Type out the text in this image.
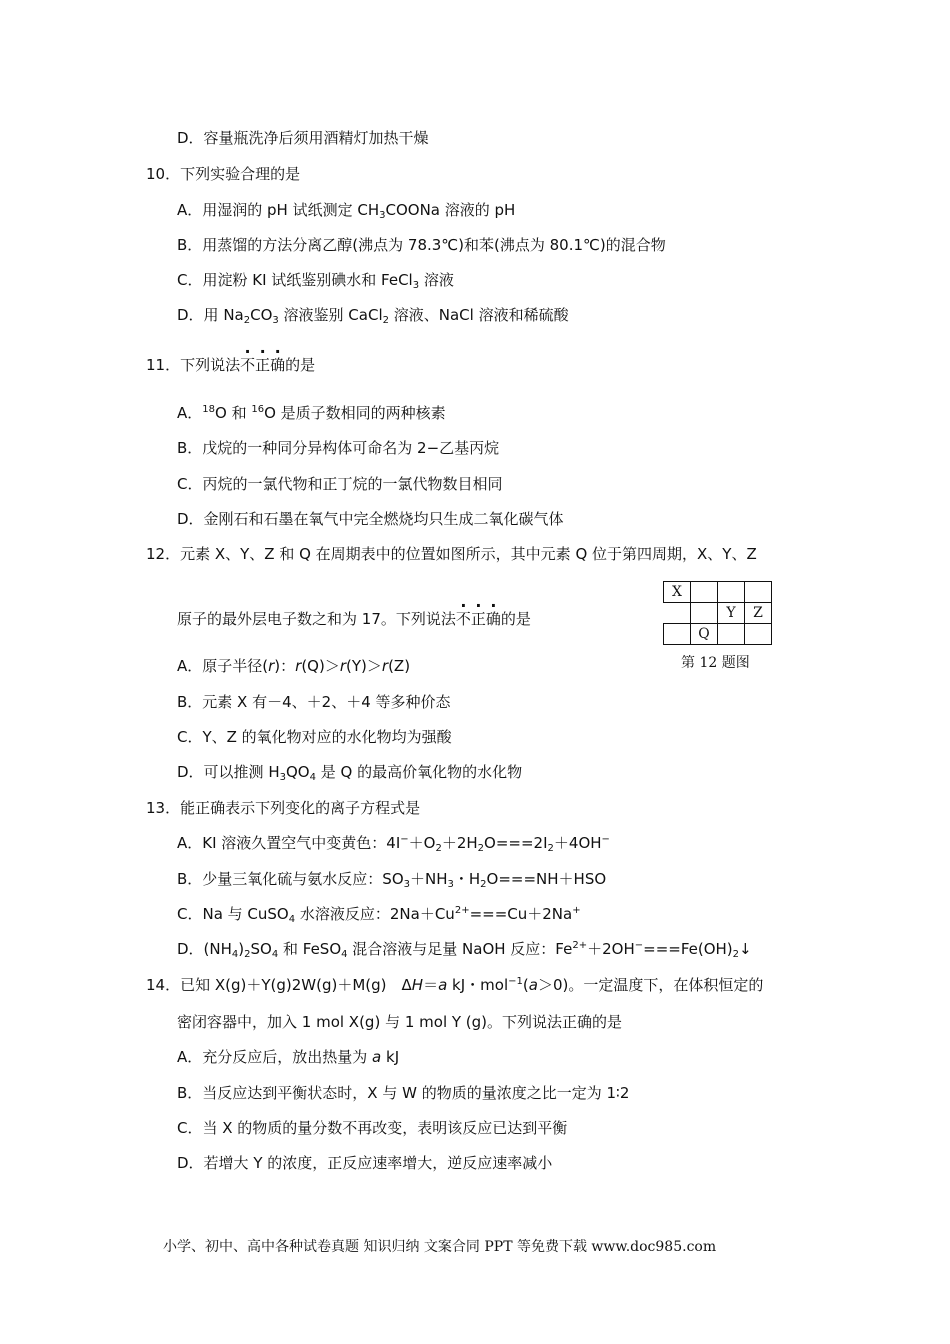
D．容量瓶洗净后须用酒精灯加热干燥
10．下列实验合理的是
A．用湿润的 pH 试纸测定 $CH_3COONa$ 溶液的 pH
B．用蒸馏的方法分离乙醇(沸点为 78.3℃)和苯(沸点为 80.1℃)的混合物
C．用淀粉 KI 试纸鉴别碘水和 FeCl$_3$ 溶液
D．用 $Na_2CO_3$ 溶液鉴别 CaCl$_2$ 溶液、NaCl 溶液和稀硫酸
11．下列说法不正确的是
A．$^{18}$O 和 $^{16}$O 是质子数相同的两种核素
B．戊烷的一种同分异构体可命名为 2−乙基丙烷
C．丙烷的一氯代物和正丁烷的一氯代物数目相同
D．金刚石和石墨在氧气中完全燃烧均只生成二氧化碳气体
12．元素 X、Y、Z 和 Q 在周期表中的位置如图所示，其中元素 Q 位于第四周期，X、Y、Z
原子的最外层电子数之和为 17。下列说法不正确的是
X			
		Y	Z
	Q		
第 12 题图
A．原子半径(r)：r(Q)＞r(Y)＞r(Z)
B．元素 X 有－4、＋2、＋4 等多种价态
C．Y、Z 的氧化物对应的水化物均为强酸
D．可以推测 $H_3QO_4$ 是 Q 的最高价氧化物的水化物
13．能正确表示下列变化的离子方程式是
A．KI 溶液久置空气中变黄色：$4I^-+O_2+2H_2O===2I_2+4OH^-$
B．少量三氧化硫与氨水反应：$SO_3+NH_3$・$H_2O===NH+HSO$
C．Na 与 CuSO$_4$ 水溶液反应：$2Na+Cu^{2+}===Cu+2Na^+$
D．$(NH_4)_2SO_4$ 和 FeSO$_4$ 混合溶液与足量 NaOH 反应：$Fe^{2+}+2OH^-===Fe(OH)_2↓$
14．已知 X(g)＋Y(g)2W(g)＋M(g)　ΔH＝a kJ・mol$^{-1}$(a＞0)。一定温度下，在体积恒定的
密闭容器中，加入 1 mol X(g) 与 1 mol Y (g)。下列说法正确的是
A．充分反应后，放出热量为 a kJ
B．当反应达到平衡状态时，X 与 W 的物质的量浓度之比一定为 1∶2
C．当 X 的物质的量分数不再改变，表明该反应已达到平衡
D．若增大 Y 的浓度，正反应速率增大，逆反应速率减小
小学、初中、高中各种试卷真题 知识归纳 文案合同 PPT 等免费下载 www.doc985.com
